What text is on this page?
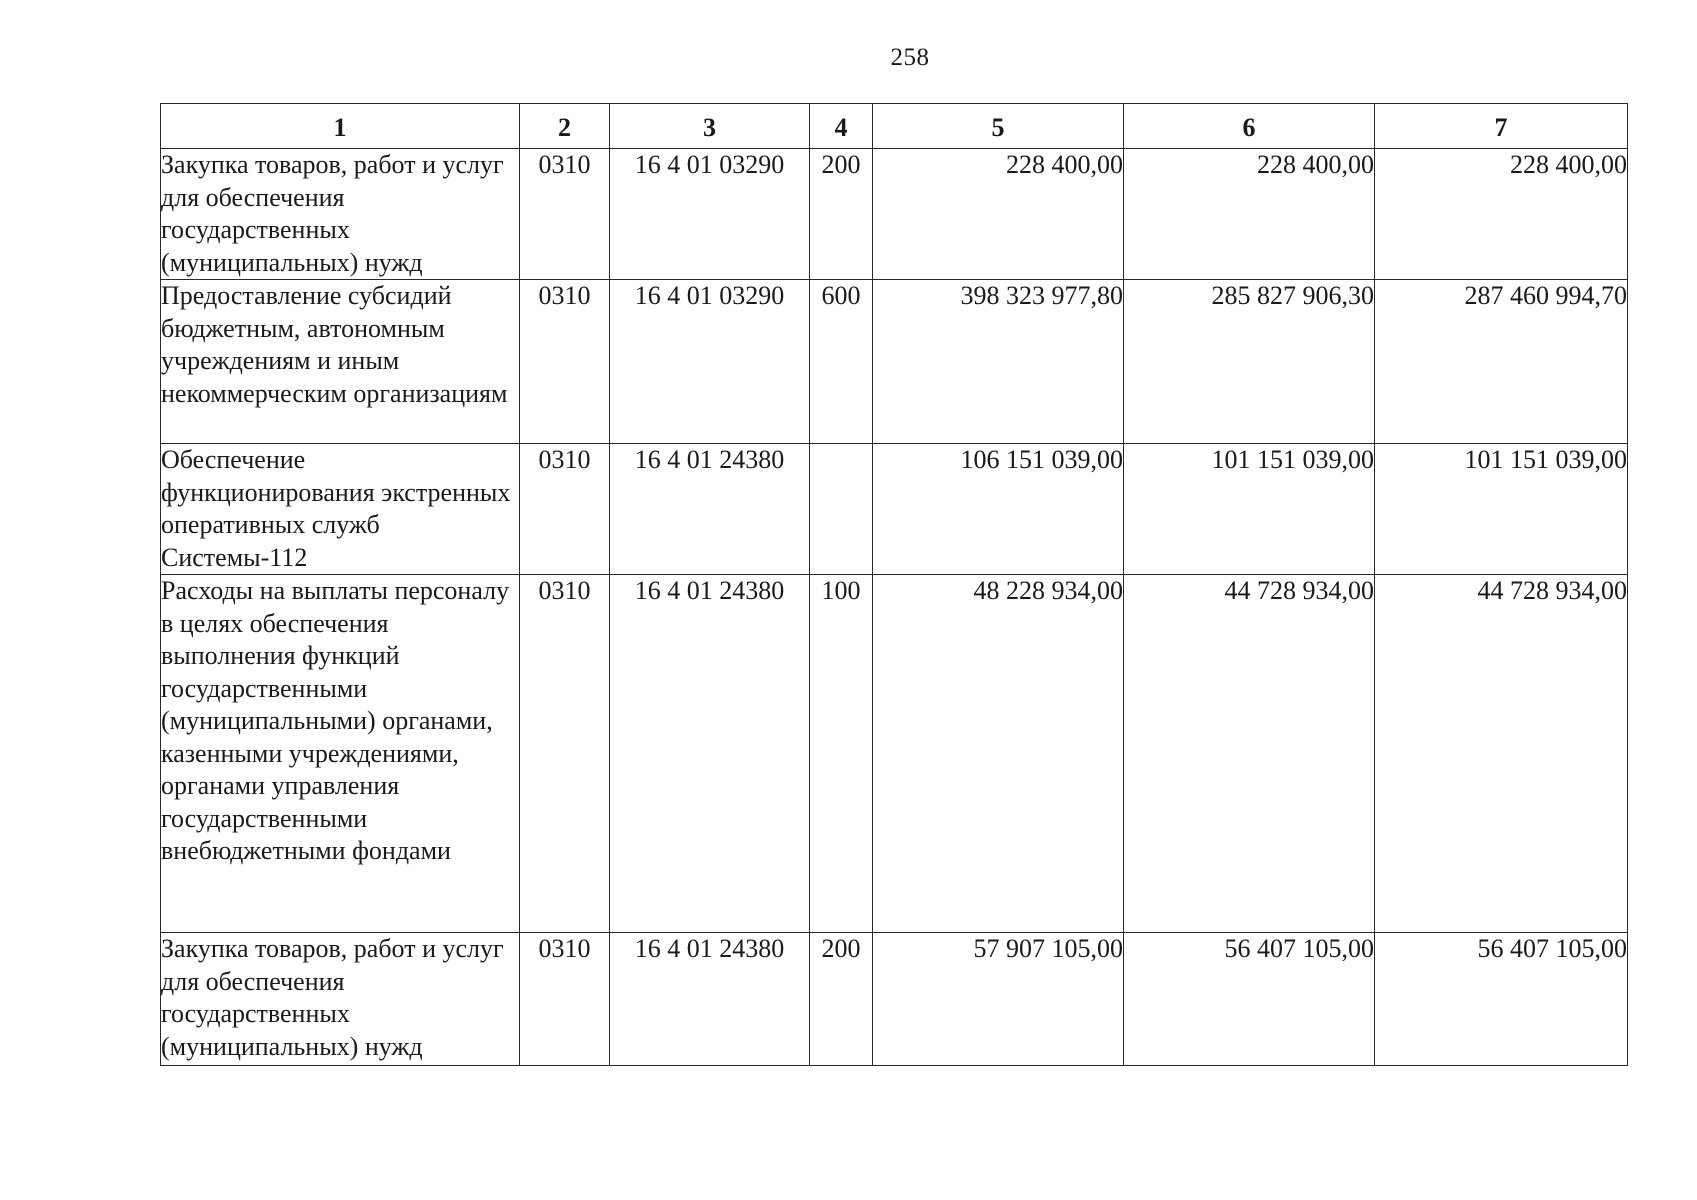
258
1	2	3	4	5	6	7
Закупка товаров, работ и услуг для обеспечения государственных (муниципальных) нужд	0310	16 4 01 03290	200	228 400,00	228 400,00	228 400,00
Предоставление субсидий бюджетным, автономным учреждениям и иным некоммерческим организациям	0310	16 4 01 03290	600	398 323 977,80	285 827 906,30	287 460 994,70
Обеспечение функционирования экстренных оперативных служб Системы-112	0310	16 4 01 24380		106 151 039,00	101 151 039,00	101 151 039,00
Расходы на выплаты персоналу в целях обеспечения выполнения функций государственными (муниципальными) органами, казенными учреждениями, органами управления государственными внебюджетными фондами	0310	16 4 01 24380	100	48 228 934,00	44 728 934,00	44 728 934,00
Закупка товаров, работ и услуг для обеспечения государственных (муниципальных) нужд	0310	16 4 01 24380	200	57 907 105,00	56 407 105,00	56 407 105,00
